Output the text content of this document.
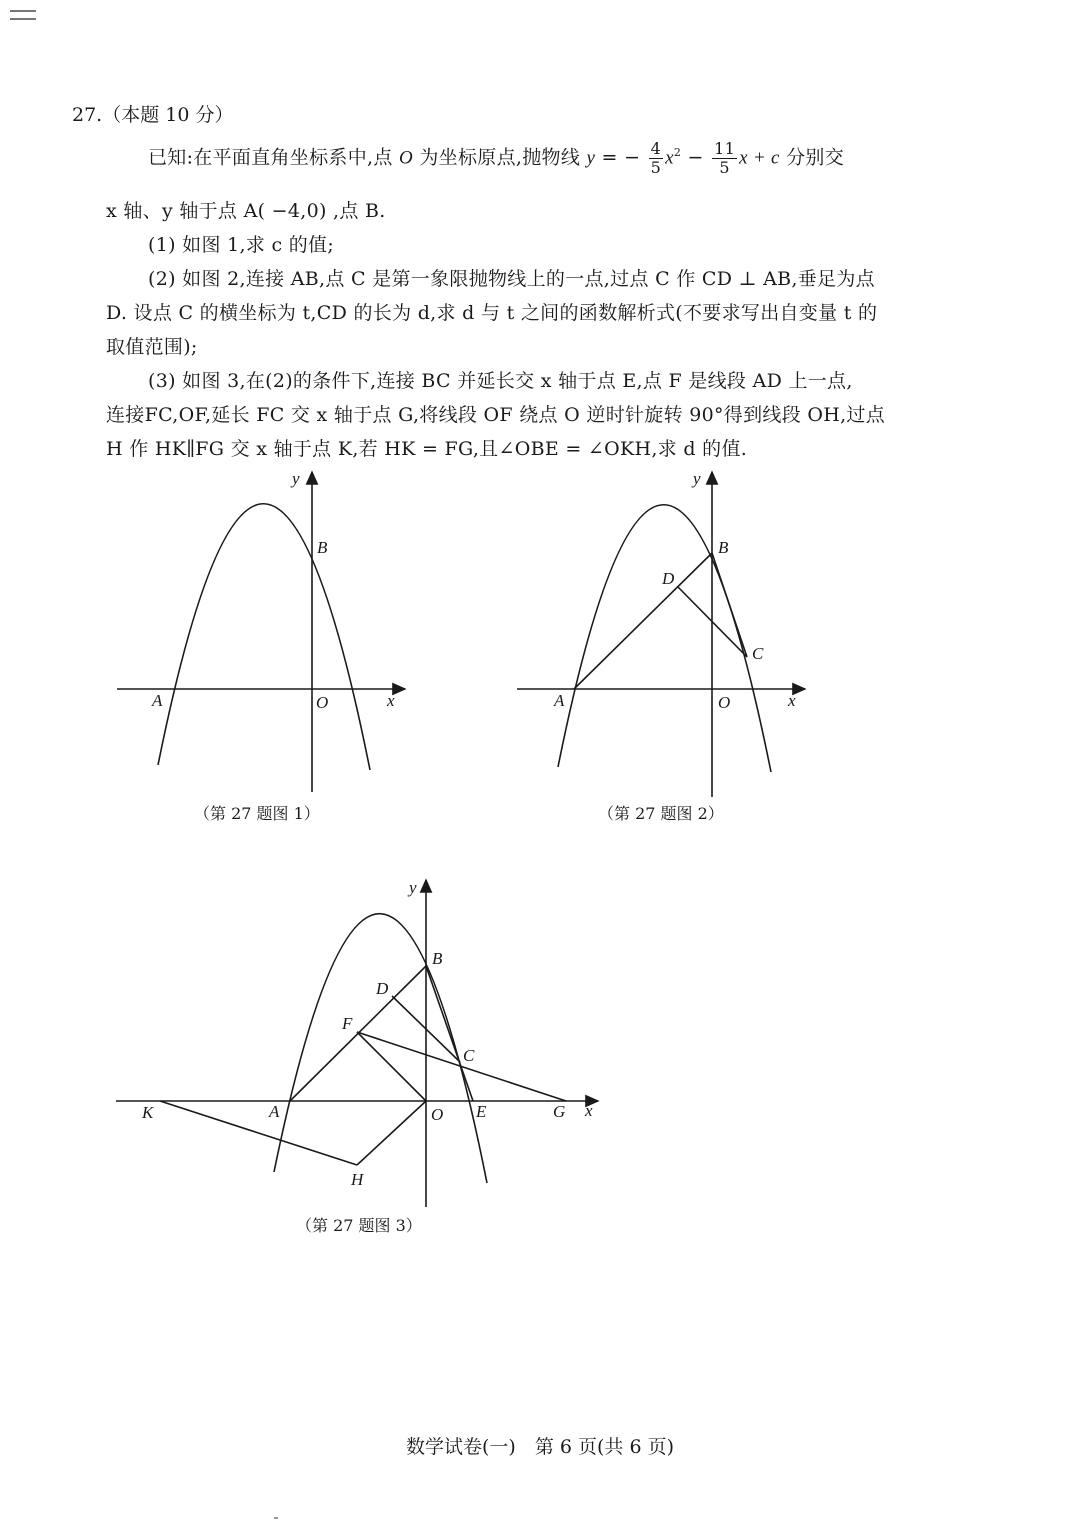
27.（本题 10 分）
已知:在平面直角坐标系中,点 O 为坐标原点,抛物线 y = − $\frac{4}{5} x^2 - \frac{11}{5}$ x + c 分别交
x 轴、y 轴于点 A( −4,0) ,点 B.
(1) 如图 1,求 c 的值;
(2) 如图 2,连接 AB,点 C 是第一象限抛物线上的一点,过点 C 作 CD ⊥ AB,垂足为点
D. 设点 C 的横坐标为 t,CD 的长为 d,求 d 与 t 之间的函数解析式(不要求写出自变量 t 的
取值范围);
(3) 如图 3,在(2)的条件下,连接 BC 并延长交 x 轴于点 E,点 F 是线段 AD 上一点,
连接FC,OF,延长 FC 交 x 轴于点 G,将线段 OF 绕点 O 逆时针旋转 90°得到线段 OH,过点
H 作 HK∥FG 交 x 轴于点 K,若 HK = FG,且∠OBE = ∠OKH,求 d 的值.
y
B
A	O	x
（第 27 题图 1）
y
B
D
C
A	O	x
（第 27 题图 2）
y
B
D
F
C
K	A	O E	G x
H
（第 27 题图 3）
数学试卷(一)　第 6 页(共 6 页)
